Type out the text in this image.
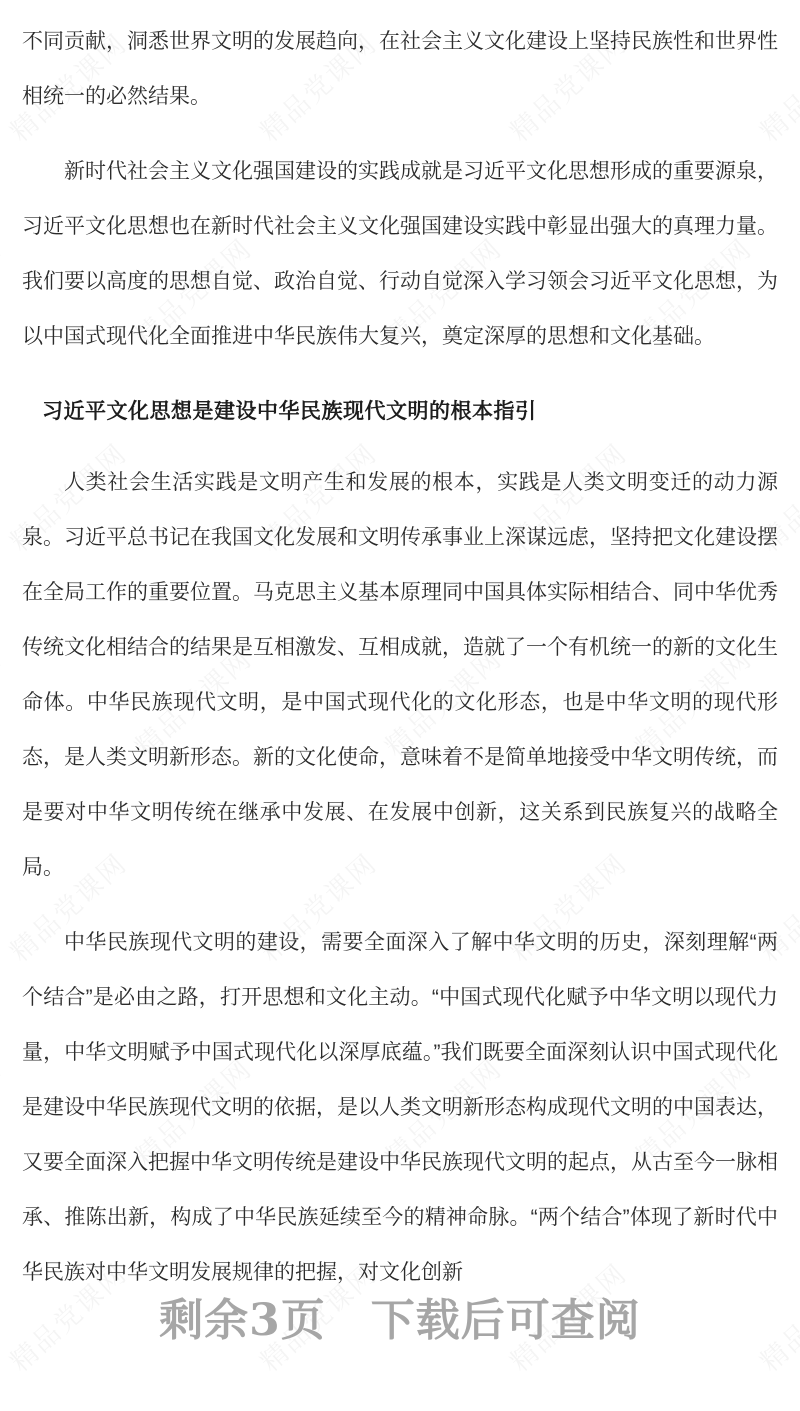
不同贡献，洞悉世界文明的发展趋向，在社会主义文化建设上坚持民族性和世界性相统一的必然结果。

新时代社会主义文化强国建设的实践成就是习近平文化思想形成的重要源泉，习近平文化思想也在新时代社会主义文化强国建设实践中彰显出强大的真理力量。我们要以高度的思想自觉、政治自觉、行动自觉深入学习领会习近平文化思想，为以中国式现代化全面推进中华民族伟大复兴，奠定深厚的思想和文化基础。

习近平文化思想是建设中华民族现代文明的根本指引

人类社会生活实践是文明产生和发展的根本，实践是人类文明变迁的动力源泉。习近平总书记在我国文化发展和文明传承事业上深谋远虑，坚持把文化建设摆在全局工作的重要位置。马克思主义基本原理同中国具体实际相结合、同中华优秀传统文化相结合的结果是互相激发、互相成就，造就了一个有机统一的新的文化生命体。中华民族现代文明，是中国式现代化的文化形态，也是中华文明的现代形态，是人类文明新形态。新的文化使命，意味着不是简单地接受中华文明传统，而是要对中华文明传统在继承中发展、在发展中创新，这关系到民族复兴的战略全局。

中华民族现代文明的建设，需要全面深入了解中华文明的历史，深刻理解“两个结合”是必由之路，打开思想和文化主动。“中国式现代化赋予中华文明以现代力量，中华文明赋予中国式现代化以深厚底蕴。”我们既要全面深刻认识中国式现代化是建设中华民族现代文明的依据，是以人类文明新形态构成现代文明的中国表达，又要全面深入把握中华文明传统是建设中华民族现代文明的起点，从古至今一脉相承、推陈出新，构成了中华民族延续至今的精神命脉。“两个结合”体现了新时代中华民族对中华文明发展规律的把握，对文化创新

剩余3页　下载后可查阅
